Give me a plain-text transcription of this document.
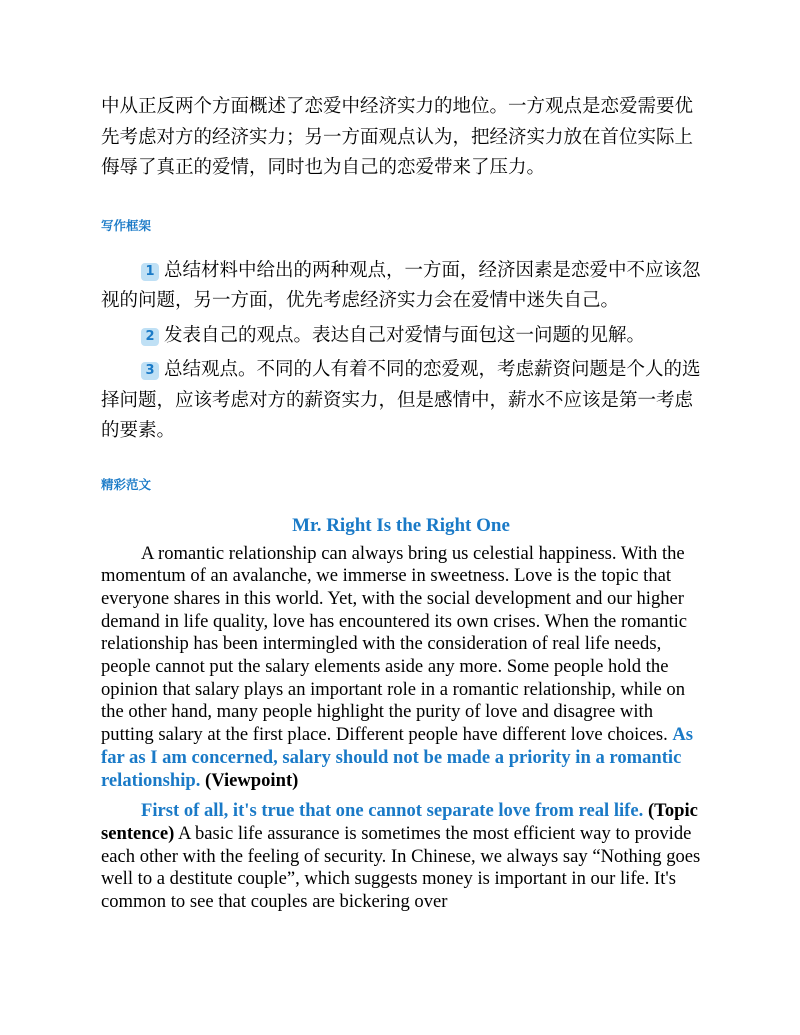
中从正反两个方面概述了恋爱中经济实力的地位。一方观点是恋爱需要优先考虑对方的经济实力；另一方面观点认为，把经济实力放在首位实际上侮辱了真正的爱情，同时也为自己的恋爱带来了压力。

写作框架

1 总结材料中给出的两种观点，一方面，经济因素是恋爱中不应该忽视的问题，另一方面，优先考虑经济实力会在爱情中迷失自己。

2 发表自己的观点。表达自己对爱情与面包这一问题的见解。

3 总结观点。不同的人有着不同的恋爱观，考虑薪资问题是个人的选择问题，应该考虑对方的薪资实力，但是感情中，薪水不应该是第一考虑的要素。

精彩范文

Mr. Right Is the Right One

A romantic relationship can always bring us celestial happiness. With the momentum of an avalanche, we immerse in sweetness. Love is the topic that everyone shares in this world. Yet, with the social development and our higher demand in life quality, love has encountered its own crises. When the romantic relationship has been intermingled with the consideration of real life needs, people cannot put the salary elements aside any more. Some people hold the opinion that salary plays an important role in a romantic relationship, while on the other hand, many people highlight the purity of love and disagree with putting salary at the first place. Different people have different love choices. As far as I am concerned, salary should not be made a priority in a romantic relationship. (Viewpoint)

First of all, it's true that one cannot separate love from real life. (Topic sentence) A basic life assurance is sometimes the most efficient way to provide each other with the feeling of security. In Chinese, we always say “Nothing goes well to a destitute couple”, which suggests money is important in our life. It's common to see that couples are bickering over
